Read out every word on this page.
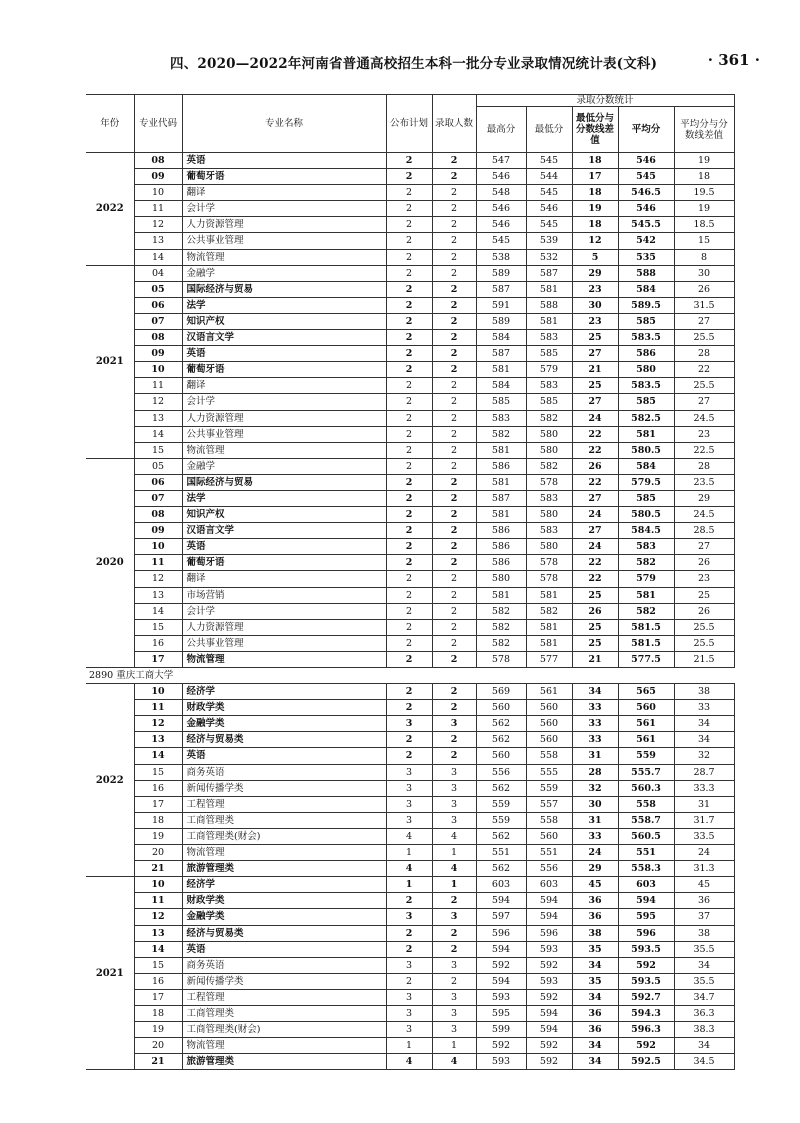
四、2020—2022年河南省普通高校招生本科一批分专业录取情况统计表(文科)	· 361 ·
年份	专业代码	专业名称	公布计划	录取人数	录取分数统计				
					最高分	最低分	最低分与分数线差值	平均分	平均分与分数线差值
2022	08	英语	2	2	547	545	18	546	19
	09	葡萄牙语	2	2	546	544	17	545	18
	10	翻译	2	2	548	545	18	546.5	19.5
	11	会计学	2	2	546	546	19	546	19
	12	人力资源管理	2	2	546	545	18	545.5	18.5
	13	公共事业管理	2	2	545	539	12	542	15
	14	物流管理	2	2	538	532	5	535	8
2021	04	金融学	2	2	589	587	29	588	30
	05	国际经济与贸易	2	2	587	581	23	584	26
	06	法学	2	2	591	588	30	589.5	31.5
	07	知识产权	2	2	589	581	23	585	27
	08	汉语言文学	2	2	584	583	25	583.5	25.5
	09	英语	2	2	587	585	27	586	28
	10	葡萄牙语	2	2	581	579	21	580	22
	11	翻译	2	2	584	583	25	583.5	25.5
	12	会计学	2	2	585	585	27	585	27
	13	人力资源管理	2	2	583	582	24	582.5	24.5
	14	公共事业管理	2	2	582	580	22	581	23
	15	物流管理	2	2	581	580	22	580.5	22.5
2020	05	金融学	2	2	586	582	26	584	28
	06	国际经济与贸易	2	2	581	578	22	579.5	23.5
	07	法学	2	2	587	583	27	585	29
	08	知识产权	2	2	581	580	24	580.5	24.5
	09	汉语言文学	2	2	586	583	27	584.5	28.5
	10	英语	2	2	586	580	24	583	27
	11	葡萄牙语	2	2	586	578	22	582	26
	12	翻译	2	2	580	578	22	579	23
	13	市场营销	2	2	581	581	25	581	25
	14	会计学	2	2	582	582	26	582	26
	15	人力资源管理	2	2	582	581	25	581.5	25.5
	16	公共事业管理	2	2	582	581	25	581.5	25.5
	17	物流管理	2	2	578	577	21	577.5	21.5
2890 重庆工商大学									
2022	10	经济学	2	2	569	561	34	565	38
	11	财政学类	2	2	560	560	33	560	33
	12	金融学类	3	3	562	560	33	561	34
	13	经济与贸易类	2	2	562	560	33	561	34
	14	英语	2	2	560	558	31	559	32
	15	商务英语	3	3	556	555	28	555.7	28.7
	16	新闻传播学类	3	3	562	559	32	560.3	33.3
	17	工程管理	3	3	559	557	30	558	31
	18	工商管理类	3	3	559	558	31	558.7	31.7
	19	工商管理类(财会)	4	4	562	560	33	560.5	33.5
	20	物流管理	1	1	551	551	24	551	24
	21	旅游管理类	4	4	562	556	29	558.3	31.3
2021	10	经济学	1	1	603	603	45	603	45
	11	财政学类	2	2	594	594	36	594	36
	12	金融学类	3	3	597	594	36	595	37
	13	经济与贸易类	2	2	596	596	38	596	38
	14	英语	2	2	594	593	35	593.5	35.5
	15	商务英语	3	3	592	592	34	592	34
	16	新闻传播学类	2	2	594	593	35	593.5	35.5
	17	工程管理	3	3	593	592	34	592.7	34.7
	18	工商管理类	3	3	595	594	36	594.3	36.3
	19	工商管理类(财会)	3	3	599	594	36	596.3	38.3
	20	物流管理	1	1	592	592	34	592	34
	21	旅游管理类	4	4	593	592	34	592.5	34.5
